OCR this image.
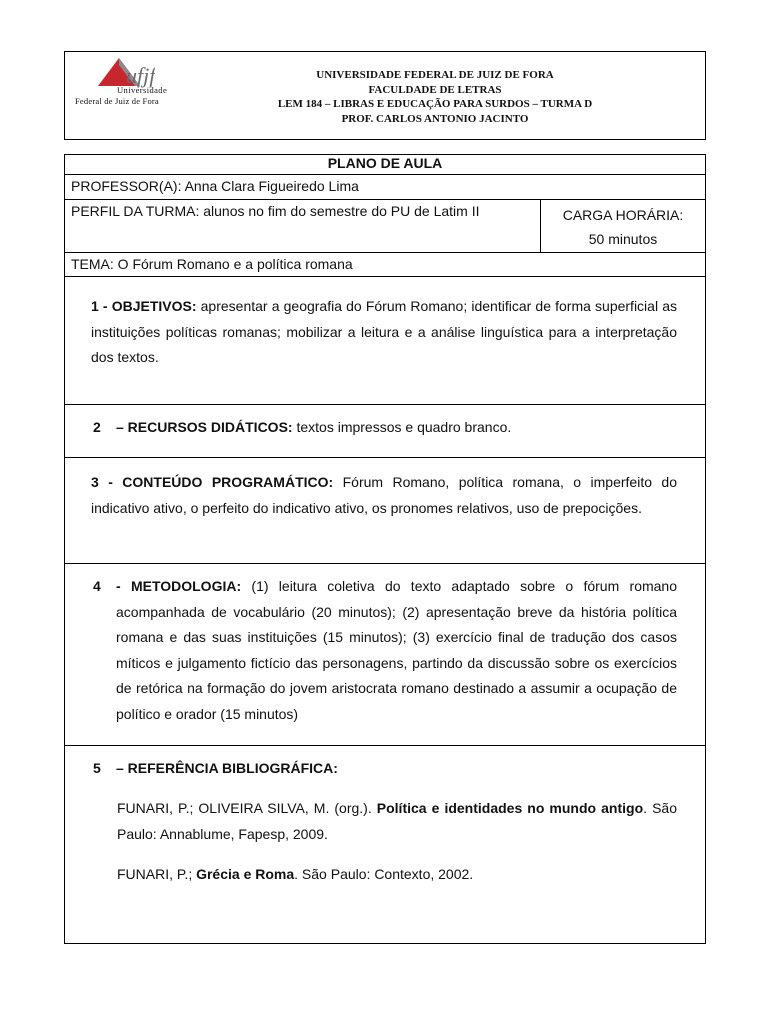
ufjf
Universidade
Federal de Juiz de Fora
UNIVERSIDADE FEDERAL DE JUIZ DE FORA
FACULDADE DE LETRAS
LEM 184 – LIBRAS E EDUCAÇÃO PARA SURDOS – TURMA D
PROF. CARLOS ANTONIO JACINTO
PLANO DE AULA
PROFESSOR(A): Anna Clara Figueiredo Lima
PERFIL DA TURMA: alunos no fim do semestre do PU de Latim II	CARGA HORÁRIA:
50 minutos
TEMA: O Fórum Romano e a política romana
1 - OBJETIVOS: apresentar a geografia do Fórum Romano; identificar de forma superficial as instituições políticas romanas; mobilizar a leitura e a análise linguística para a interpretação dos textos.
2 – RECURSOS DIDÁTICOS: textos impressos e quadro branco.
3 - CONTEÚDO PROGRAMÁTICO: Fórum Romano, política romana, o imperfeito do indicativo ativo, o perfeito do indicativo ativo, os pronomes relativos, uso de prepocições.
4 - METODOLOGIA: (1) leitura coletiva do texto adaptado sobre o fórum romano acompanhada de vocabulário (20 minutos); (2) apresentação breve da história política romana e das suas instituições (15 minutos); (3) exercício final de tradução dos casos míticos e julgamento fictício das personagens, partindo da discussão sobre os exercícios de retórica na formação do jovem aristocrata romano destinado a assumir a ocupação de político e orador (15 minutos)
5 – REFERÊNCIA BIBLIOGRÁFICA:
FUNARI, P.; OLIVEIRA SILVA, M. (org.). Política e identidades no mundo antigo. São Paulo: Annablume, Fapesp, 2009.
FUNARI, P.; Grécia e Roma. São Paulo: Contexto, 2002.
